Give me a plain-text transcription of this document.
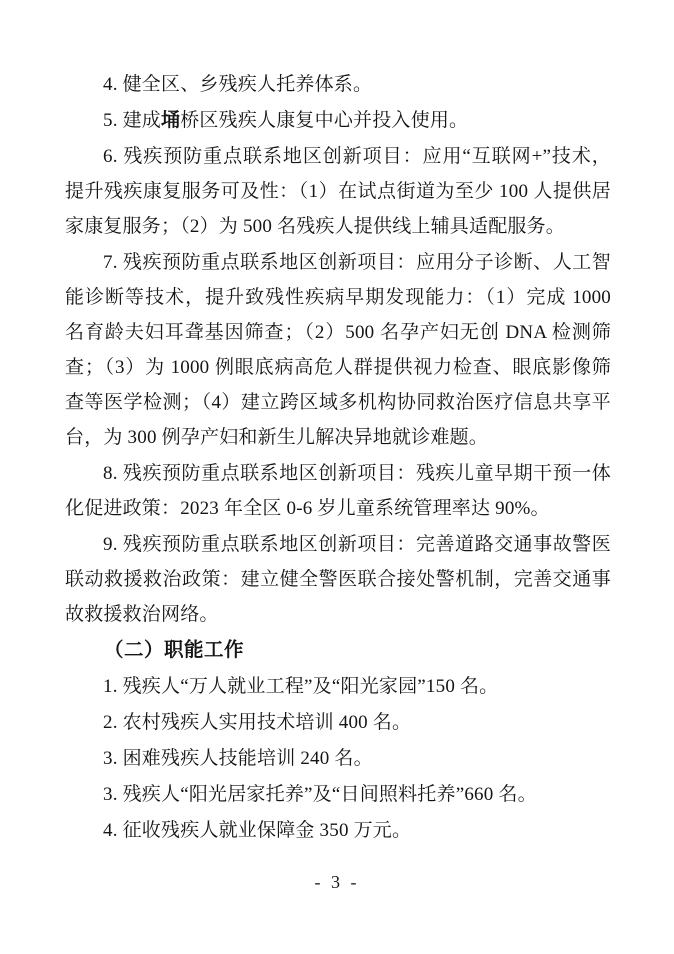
4. 健全区、乡残疾人托养体系。

5. 建成埇桥区残疾人康复中心并投入使用。

6. 残疾预防重点联系地区创新项目：应用“互联网+”技术，提升残疾康复服务可及性：（1）在试点街道为至少 100 人提供居家康复服务；（2）为 500 名残疾人提供线上辅具适配服务。

7. 残疾预防重点联系地区创新项目：应用分子诊断、人工智能诊断等技术，提升致残性疾病早期发现能力：（1）完成 1000 名育龄夫妇耳聋基因筛查；（2）500 名孕产妇无创 DNA 检测筛查；（3）为 1000 例眼底病高危人群提供视力检查、眼底影像筛查等医学检测；（4）建立跨区域多机构协同救治医疗信息共享平台，为 300 例孕产妇和新生儿解决异地就诊难题。

8. 残疾预防重点联系地区创新项目：残疾儿童早期干预一体化促进政策：2023 年全区 0-6 岁儿童系统管理率达 90%。

9. 残疾预防重点联系地区创新项目：完善道路交通事故警医联动救援救治政策：建立健全警医联合接处警机制，完善交通事故救援救治网络。

（二）职能工作

1. 残疾人“万人就业工程”及“阳光家园”150 名。

2. 农村残疾人实用技术培训 400 名。

3. 困难残疾人技能培训 240 名。

3. 残疾人“阳光居家托养”及“日间照料托养”660 名。

4. 征收残疾人就业保障金 350 万元。

- 3 -
